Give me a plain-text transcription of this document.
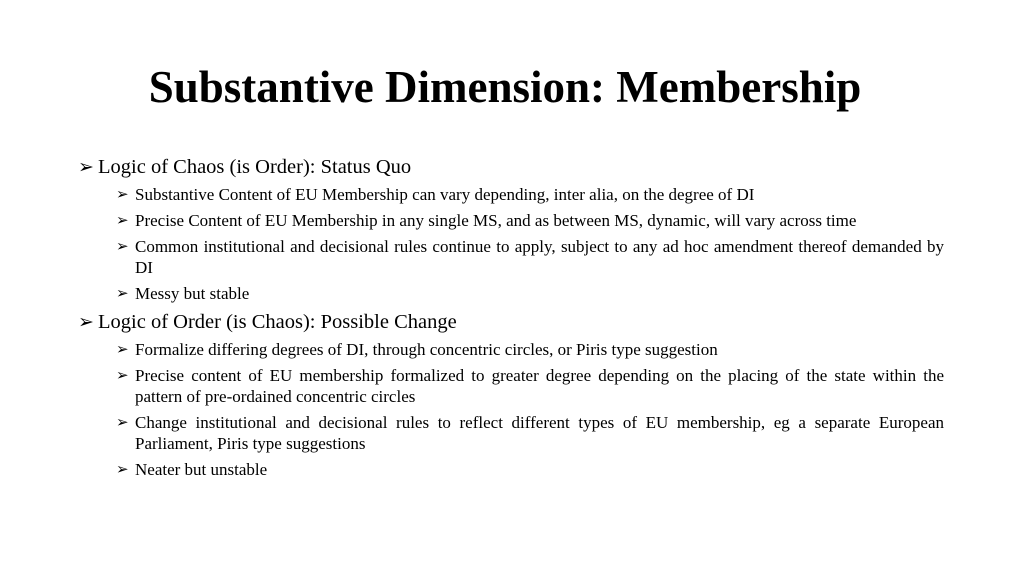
Substantive Dimension: Membership
➢ Logic of Chaos (is Order): Status Quo
➢ Substantive Content of EU Membership can vary depending, inter alia, on the degree of DI
➢ Precise Content of EU Membership in any single MS, and as between MS, dynamic, will vary across time
➢ Common institutional and decisional rules continue to apply, subject to any ad hoc amendment thereof demanded by DI
➢ Messy but stable
➢ Logic of Order (is Chaos): Possible Change
➢ Formalize differing degrees of DI, through concentric circles, or Piris type suggestion
➢ Precise content of EU membership formalized to greater degree depending on the placing of the state within the pattern of pre-ordained concentric circles
➢ Change institutional and decisional rules to reflect different types of EU membership, eg a separate European Parliament, Piris type suggestions
➢ Neater but unstable
